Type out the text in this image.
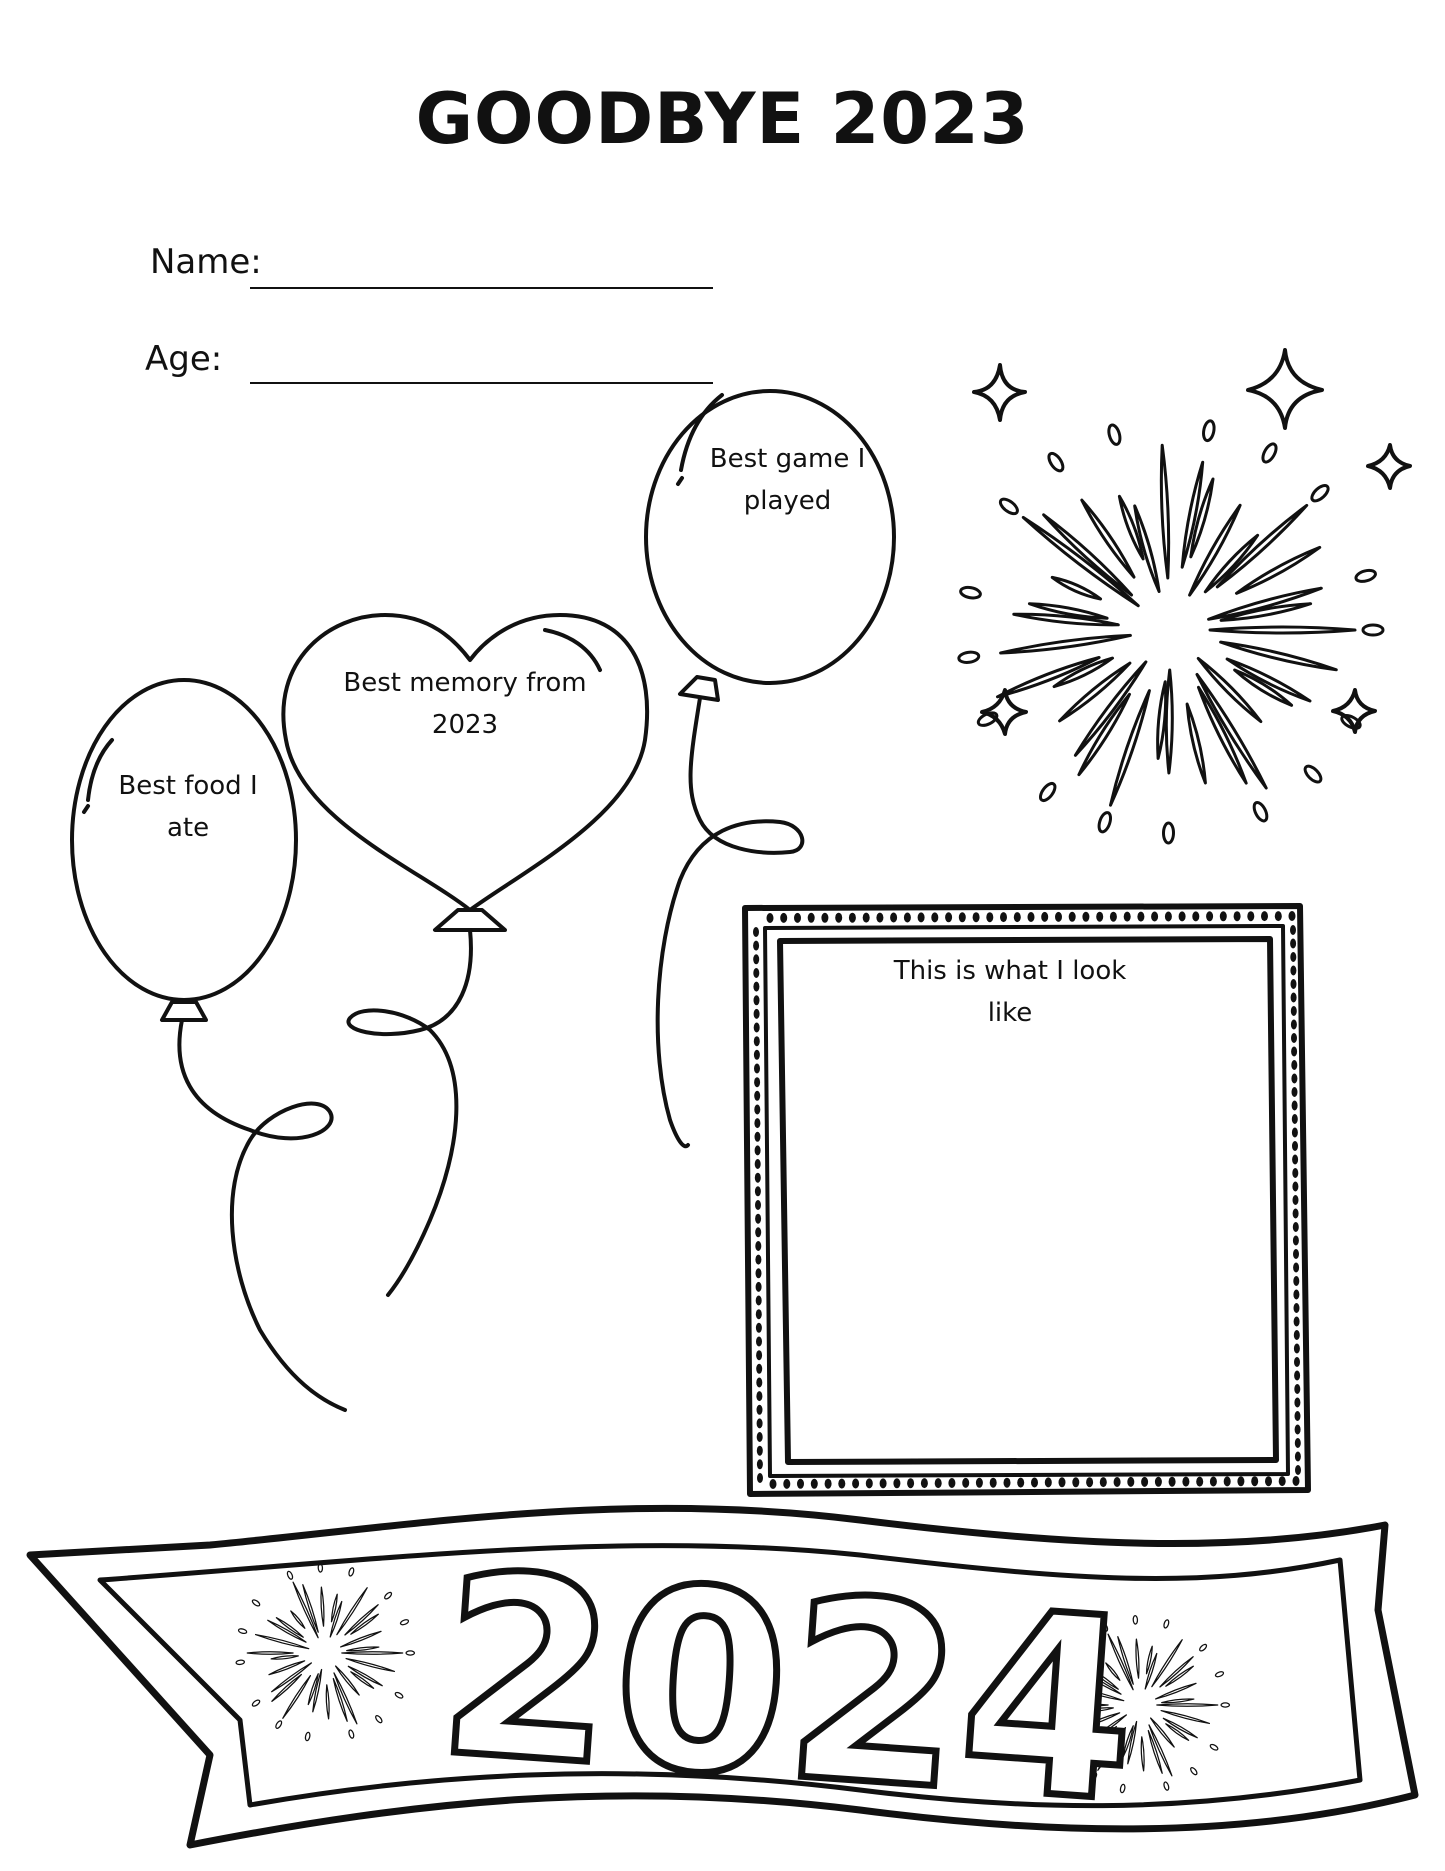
GOODBYE 2023
Name:
Age:
Best food I ate
Best memory from 2023
Best game I played
This is what I look like
2024
